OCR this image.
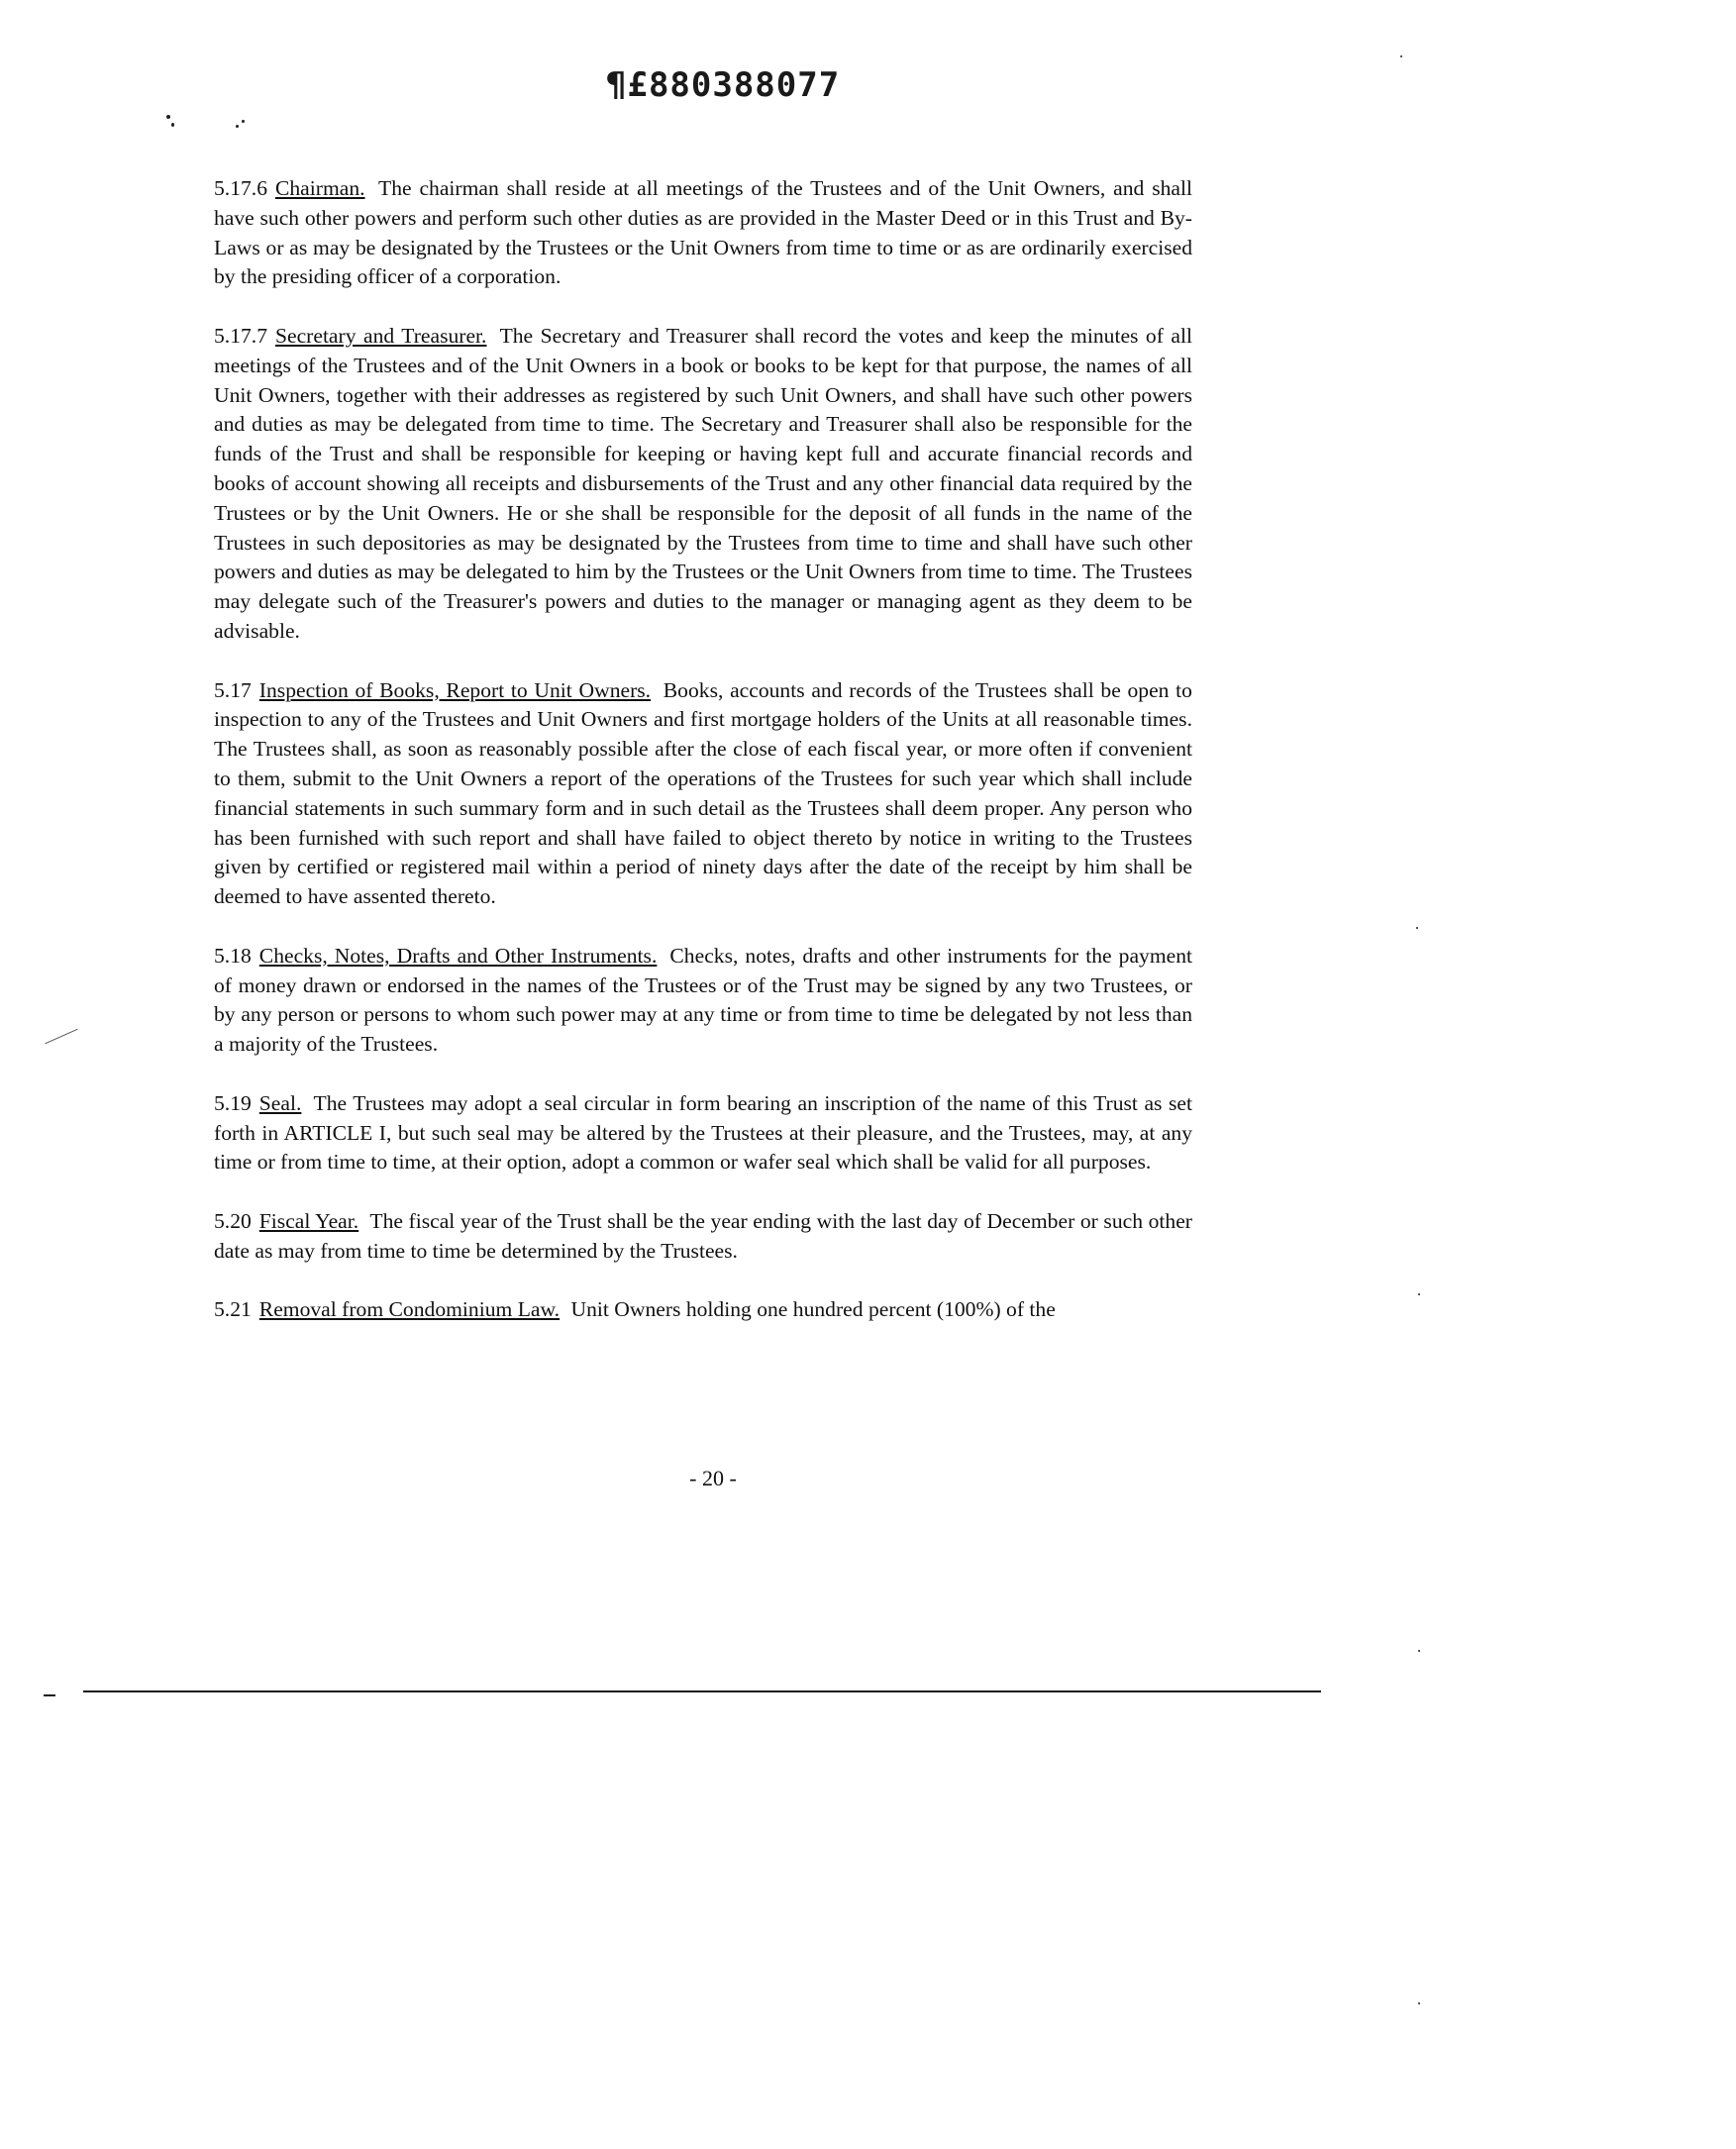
¶£880388077

5.17.6 Chairman. The chairman shall reside at all meetings of the Trustees and of the Unit Owners, and shall have such other powers and perform such other duties as are provided in the Master Deed or in this Trust and By-Laws or as may be designated by the Trustees or the Unit Owners from time to time or as are ordinarily exercised by the presiding officer of a corporation.

5.17.7 Secretary and Treasurer. The Secretary and Treasurer shall record the votes and keep the minutes of all meetings of the Trustees and of the Unit Owners in a book or books to be kept for that purpose, the names of all Unit Owners, together with their addresses as registered by such Unit Owners, and shall have such other powers and duties as may be delegated from time to time. The Secretary and Treasurer shall also be responsible for the funds of the Trust and shall be responsible for keeping or having kept full and accurate financial records and books of account showing all receipts and disbursements of the Trust and any other financial data required by the Trustees or by the Unit Owners. He or she shall be responsible for the deposit of all funds in the name of the Trustees in such depositories as may be designated by the Trustees from time to time and shall have such other powers and duties as may be delegated to him by the Trustees or the Unit Owners from time to time. The Trustees may delegate such of the Treasurer's powers and duties to the manager or managing agent as they deem to be advisable.

5.17 Inspection of Books, Report to Unit Owners. Books, accounts and records of the Trustees shall be open to inspection to any of the Trustees and Unit Owners and first mortgage holders of the Units at all reasonable times. The Trustees shall, as soon as reasonably possible after the close of each fiscal year, or more often if convenient to them, submit to the Unit Owners a report of the operations of the Trustees for such year which shall include financial statements in such summary form and in such detail as the Trustees shall deem proper. Any person who has been furnished with such report and shall have failed to object thereto by notice in writing to the Trustees given by certified or registered mail within a period of ninety days after the date of the receipt by him shall be deemed to have assented thereto.

5.18 Checks, Notes, Drafts and Other Instruments. Checks, notes, drafts and other instruments for the payment of money drawn or endorsed in the names of the Trustees or of the Trust may be signed by any two Trustees, or by any person or persons to whom such power may at any time or from time to time be delegated by not less than a majority of the Trustees.

5.19 Seal. The Trustees may adopt a seal circular in form bearing an inscription of the name of this Trust as set forth in ARTICLE I, but such seal may be altered by the Trustees at their pleasure, and the Trustees, may, at any time or from time to time, at their option, adopt a common or wafer seal which shall be valid for all purposes.

5.20 Fiscal Year. The fiscal year of the Trust shall be the year ending with the last day of December or such other date as may from time to time be determined by the Trustees.

5.21 Removal from Condominium Law. Unit Owners holding one hundred percent (100%) of the

- 20 -
